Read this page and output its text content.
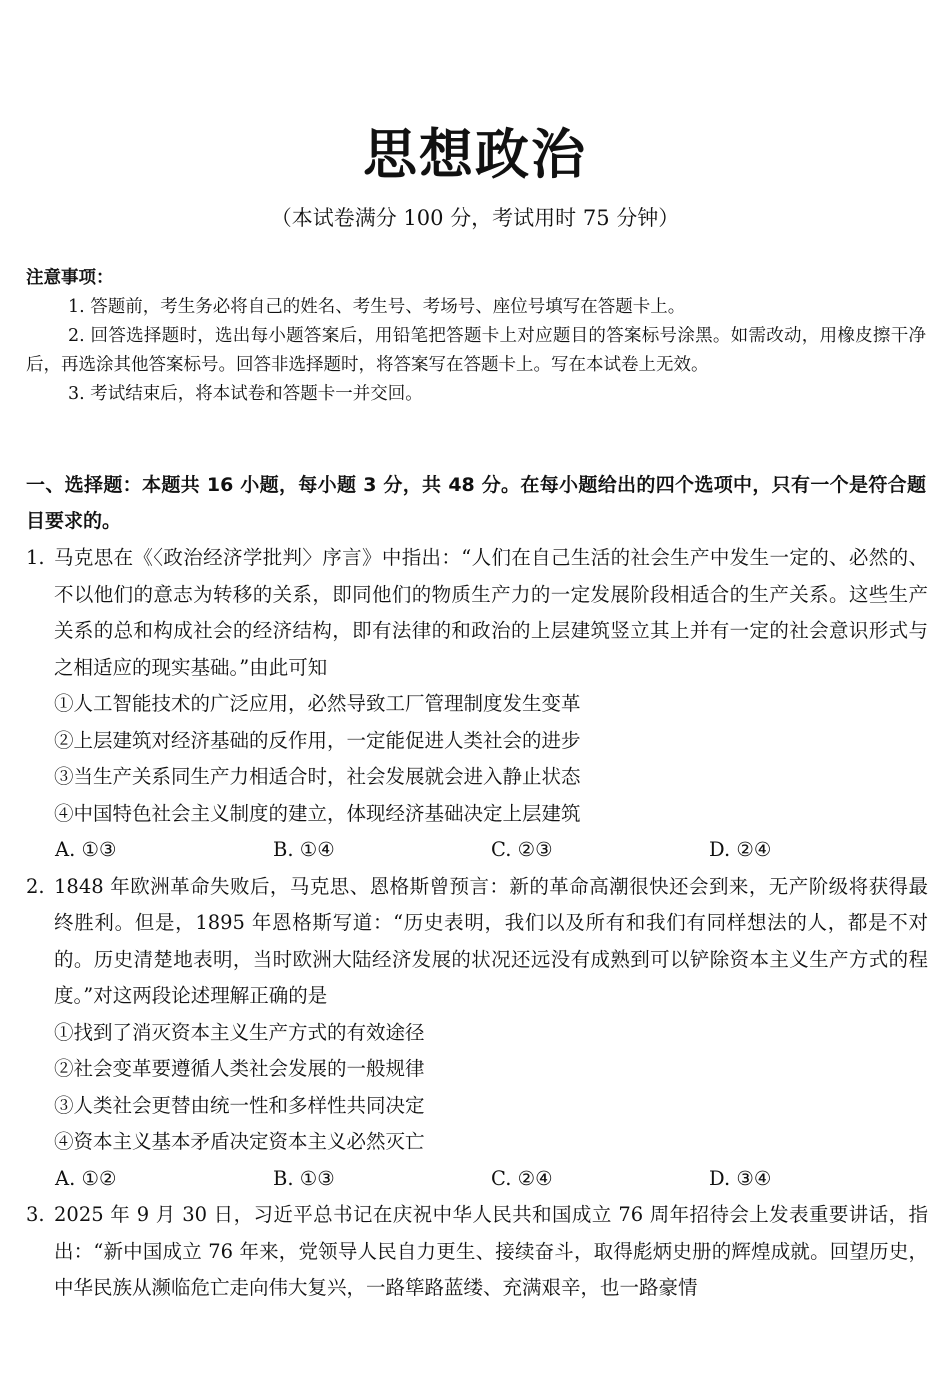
思想政治
（本试卷满分 100 分，考试用时 75 分钟）
注意事项：

1. 答题前，考生务必将自己的姓名、考生号、考场号、座位号填写在答题卡上。

2. 回答选择题时，选出每小题答案后，用铅笔把答题卡上对应题目的答案标号涂黑。如需改动，用橡皮擦干净后，再选涂其他答案标号。回答非选择题时，将答案写在答题卡上。写在本试卷上无效。

3. 考试结束后，将本试卷和答题卡一并交回。

一、选择题：本题共 16 小题，每小题 3 分，共 48 分。在每小题给出的四个选项中，只有一个是符合题目要求的。
1. 马克思在《〈政治经济学批判〉序言》中指出：“人们在自己生活的社会生产中发生一定的、必然的、不以他们的意志为转移的关系，即同他们的物质生产力的一定发展阶段相适合的生产关系。这些生产关系的总和构成社会的经济结构，即有法律的和政治的上层建筑竖立其上并有一定的社会意识形式与之相适应的现实基础。”由此可知

①人工智能技术的广泛应用，必然导致工厂管理制度发生变革

②上层建筑对经济基础的反作用，一定能促进人类社会的进步

③当生产关系同生产力相适合时，社会发展就会进入静止状态

④中国特色社会主义制度的建立，体现经济基础决定上层建筑

A. ①③	B. ①④	C. ②③	D. ②④
2. 1848 年欧洲革命失败后，马克思、恩格斯曾预言：新的革命高潮很快还会到来，无产阶级将获得最终胜利。但是，1895 年恩格斯写道：“历史表明，我们以及所有和我们有同样想法的人，都是不对的。历史清楚地表明，当时欧洲大陆经济发展的状况还远没有成熟到可以铲除资本主义生产方式的程度。”对这两段论述理解正确的是

①找到了消灭资本主义生产方式的有效途径

②社会变革要遵循人类社会发展的一般规律

③人类社会更替由统一性和多样性共同决定

④资本主义基本矛盾决定资本主义必然灭亡

A. ①②	B. ①③	C. ②④	D. ③④
3. 2025 年 9 月 30 日，习近平总书记在庆祝中华人民共和国成立 76 周年招待会上发表重要讲话，指出：“新中国成立 76 年来，党领导人民自力更生、接续奋斗，取得彪炳史册的辉煌成就。回望历史，中华民族从濒临危亡走向伟大复兴，一路筚路蓝缕、充满艰辛，也一路豪情
